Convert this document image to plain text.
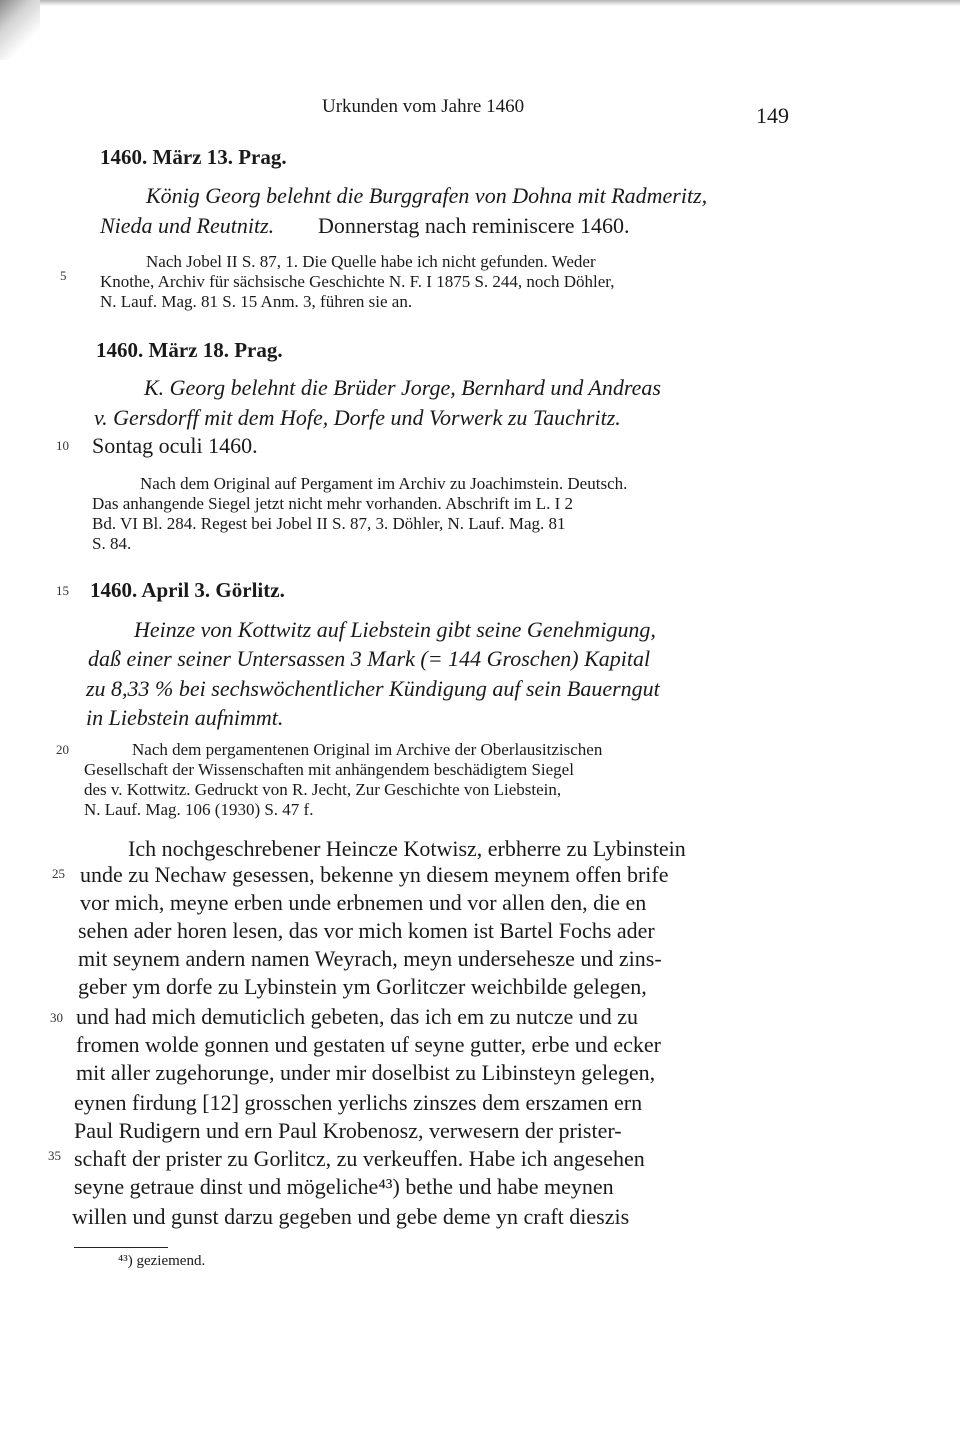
Urkunden vom Jahre 1460	149
5
10
15
20
25
30
35
1460. März 13. Prag.
König Georg belehnt die Burggrafen von Dohna mit Radmeritz,
Nieda und Reutnitz. Donnerstag nach reminiscere 1460.
Nach Jobel II S. 87, 1. Die Quelle habe ich nicht gefunden. Weder
Knothe, Archiv für sächsische Geschichte N. F. I 1875 S. 244, noch Döhler,
N. Lauf. Mag. 81 S. 15 Anm. 3, führen sie an.
1460. März 18. Prag.
K. Georg belehnt die Brüder Jorge, Bernhard und Andreas
v. Gersdorff mit dem Hofe, Dorfe und Vorwerk zu Tauchritz.
Sontag oculi 1460.
Nach dem Original auf Pergament im Archiv zu Joachimstein. Deutsch.
Das anhangende Siegel jetzt nicht mehr vorhanden. Abschrift im L. I 2
Bd. VI Bl. 284. Regest bei Jobel II S. 87, 3. Döhler, N. Lauf. Mag. 81
S. 84.
1460. April 3. Görlitz.
Heinze von Kottwitz auf Liebstein gibt seine Genehmigung,
daß einer seiner Untersassen 3 Mark (= 144 Groschen) Kapital
zu 8,33 % bei sechswöchentlicher Kündigung auf sein Bauerngut
in Liebstein aufnimmt.
Nach dem pergamentenen Original im Archive der Oberlausitzischen
Gesellschaft der Wissenschaften mit anhängendem beschädigtem Siegel
des v. Kottwitz. Gedruckt von R. Jecht, Zur Geschichte von Liebstein,
N. Lauf. Mag. 106 (1930) S. 47 f.
Ich nochgeschrebener Heincze Kotwisz, erbherre zu Lybinstein
unde zu Nechaw gesessen, bekenne yn diesem meynem offen brife
vor mich, meyne erben unde erbnemen und vor allen den, die en
sehen ader horen lesen, das vor mich komen ist Bartel Fochs ader
mit seynem andern namen Weyrach, meyn undersehesze und zins-
geber ym dorfe zu Lybinstein ym Gorlitczer weichbilde gelegen,
und had mich demuticlich gebeten, das ich em zu nutcze und zu
fromen wolde gonnen und gestaten uf seyne gutter, erbe und ecker
mit aller zugehorunge, under mir doselbist zu Libinsteyn gelegen,
eynen firdung [12] grosschen yerlichs zinszes dem erszamen ern
Paul Rudigern und ern Paul Krobenosz, verwesern der prister-
schaft der prister zu Gorlitcz, zu verkeuffen. Habe ich angesehen
seyne getraue dinst und mögeliche⁴³) bethe und habe meynen
willen und gunst darzu gegeben und gebe deme yn craft dieszis
⁴³) geziemend.
